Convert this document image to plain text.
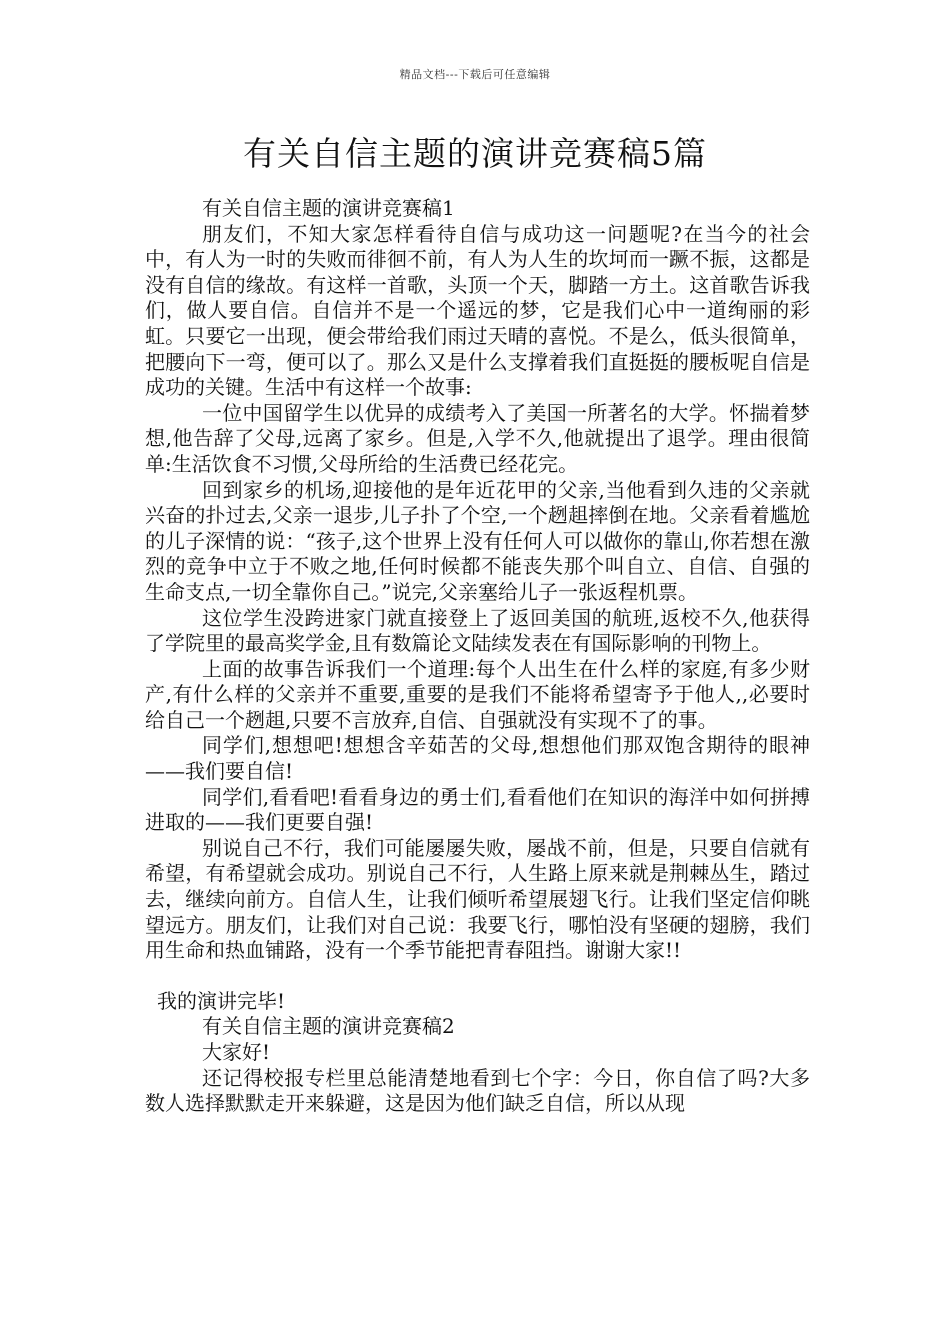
精品文档---下载后可任意编辑
有关自信主题的演讲竞赛稿5篇

有关自信主题的演讲竞赛稿1

朋友们，不知大家怎样看待自信与成功这一问题呢?在当今的社会中，有人为一时的失败而徘徊不前，有人为人生的坎坷而一蹶不振，这都是没有自信的缘故。有这样一首歌，头顶一个天，脚踏一方土。这首歌告诉我们，做人要自信。自信并不是一个遥远的梦，它是我们心中一道绚丽的彩虹。只要它一出现，便会带给我们雨过天晴的喜悦。不是么，低头很简单，把腰向下一弯，便可以了。那么又是什么支撑着我们直挺挺的腰板呢自信是成功的关键。生活中有这样一个故事:

一位中国留学生以优异的成绩考入了美国一所著名的大学。怀揣着梦想,他告辞了父母,远离了家乡。但是,入学不久,他就提出了退学。理由很简单:生活饮食不习惯,父母所给的生活费已经花完。

回到家乡的机场,迎接他的是年近花甲的父亲,当他看到久违的父亲就兴奋的扑过去,父亲一退步,儿子扑了个空,一个趔趄摔倒在地。父亲看着尴尬的儿子深情的说：“孩子,这个世界上没有任何人可以做你的靠山,你若想在激烈的竞争中立于不败之地,任何时候都不能丧失那个叫自立、自信、自强的生命支点,一切全靠你自己。”说完,父亲塞给儿子一张返程机票。

这位学生没跨进家门就直接登上了返回美国的航班,返校不久,他获得了学院里的最高奖学金,且有数篇论文陆续发表在有国际影响的刊物上。

上面的故事告诉我们一个道理:每个人出生在什么样的家庭,有多少财产,有什么样的父亲并不重要,重要的是我们不能将希望寄予于他人,,必要时给自己一个趔趄,只要不言放弃,自信、自强就没有实现不了的事。

同学们,想想吧!想想含辛茹苦的父母,想想他们那双饱含期待的眼神——我们要自信!

同学们,看看吧!看看身边的勇士们,看看他们在知识的海洋中如何拼搏进取的——我们更要自强!

别说自己不行，我们可能屡屡失败，屡战不前，但是，只要自信就有希望，有希望就会成功。别说自己不行，人生路上原来就是荆棘丛生，踏过去，继续向前方。自信人生，让我们倾听希望展翅飞行。让我们坚定信仰眺望远方。朋友们，让我们对自己说：我要飞行，哪怕没有坚硬的翅膀，我们用生命和热血铺路，没有一个季节能把青春阻挡。谢谢大家!!

我的演讲完毕!

有关自信主题的演讲竞赛稿2

大家好!

还记得校报专栏里总能清楚地看到七个字：今日，你自信了吗?大多数人选择默默走开来躲避，这是因为他们缺乏自信，所以从现
